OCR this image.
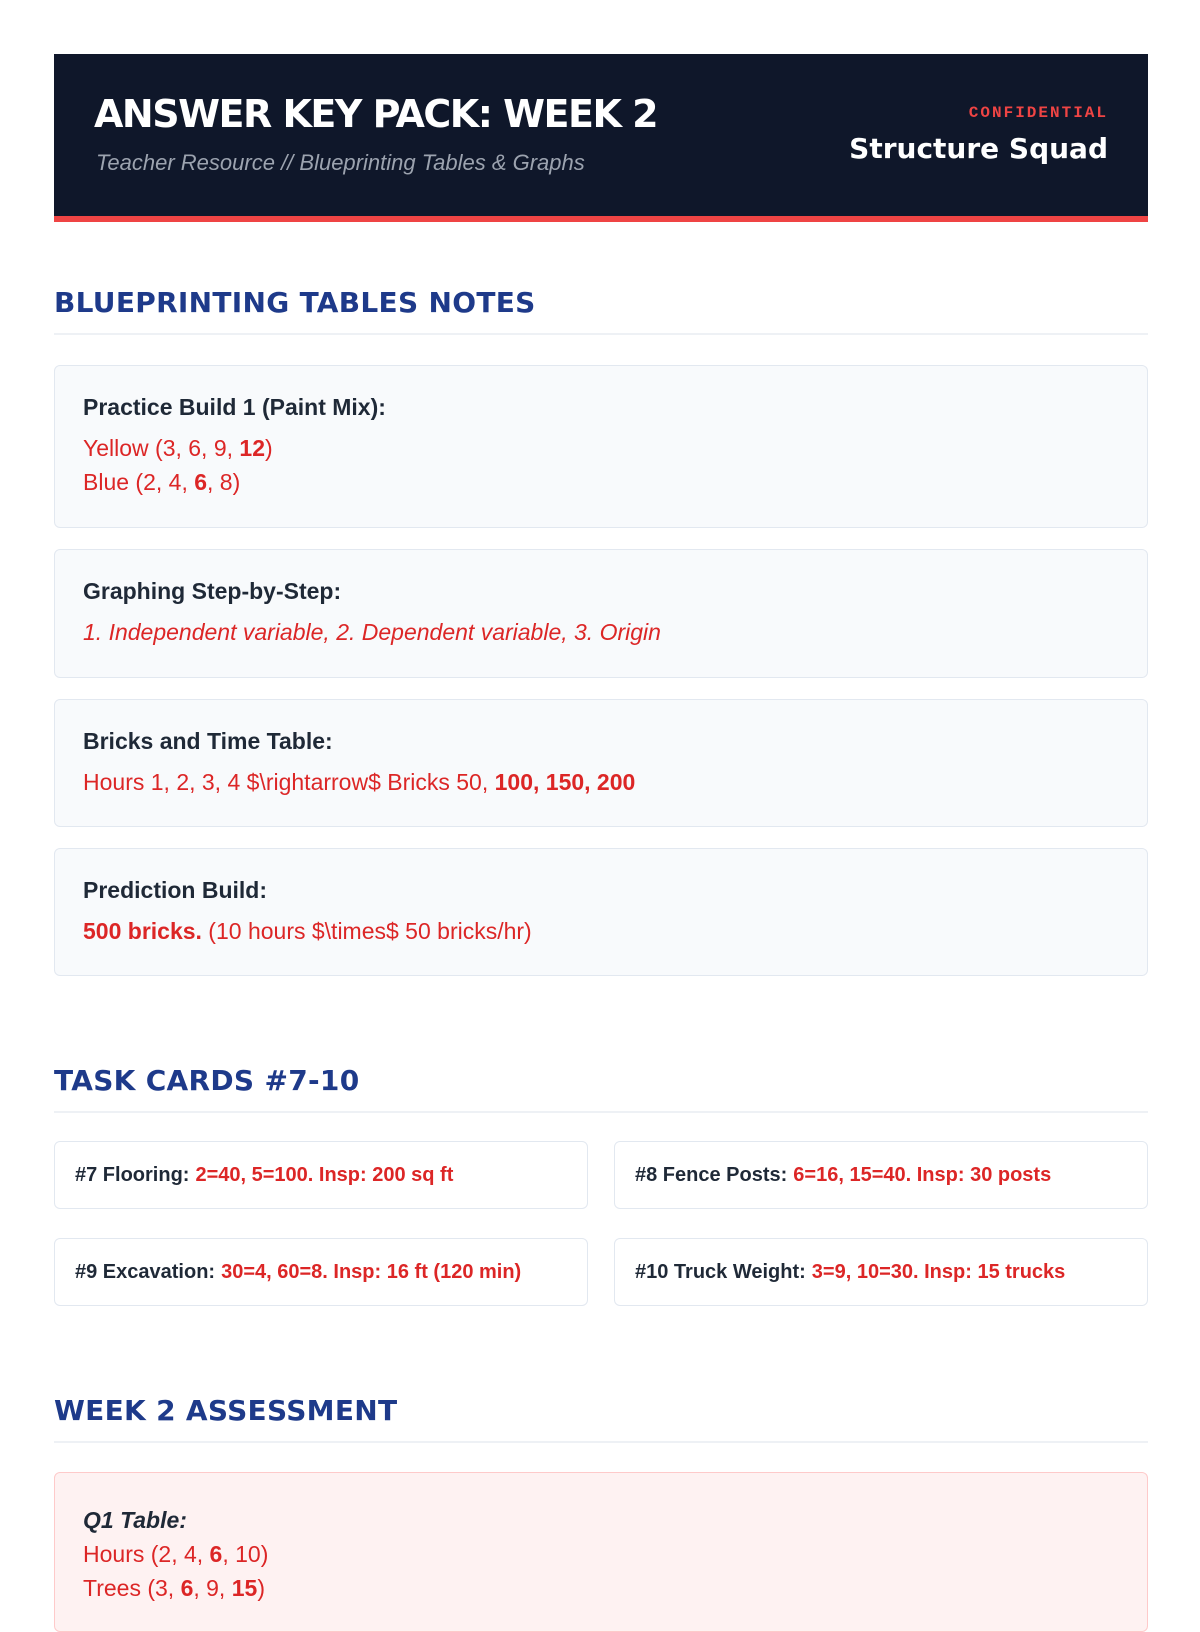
ANSWER KEY PACK: WEEK 2
Teacher Resource // Blueprinting Tables & Graphs
CONFIDENTIAL
Structure Squad
BLUEPRINTING TABLES NOTES
Practice Build 1 (Paint Mix):
Yellow (3, 6, 9, 12)
Blue (2, 4, 6, 8)
Graphing Step-by-Step:
1. Independent variable, 2. Dependent variable, 3. Origin
Bricks and Time Table:
Hours 1, 2, 3, 4 $\rightarrow$ Bricks 50, 100, 150, 200
Prediction Build:
500 bricks. (10 hours $\times$ 50 bricks/hr)
TASK CARDS #7-10
#7 Flooring: 2=40, 5=100. Insp: 200 sq ft	#8 Fence Posts: 6=16, 15=40. Insp: 30 posts
#9 Excavation: 30=4, 60=8. Insp: 16 ft (120 min)	#10 Truck Weight: 3=9, 10=30. Insp: 15 trucks
WEEK 2 ASSESSMENT
Q1 Table:
Hours (2, 4, 6, 10)
Trees (3, 6, 9, 15)
